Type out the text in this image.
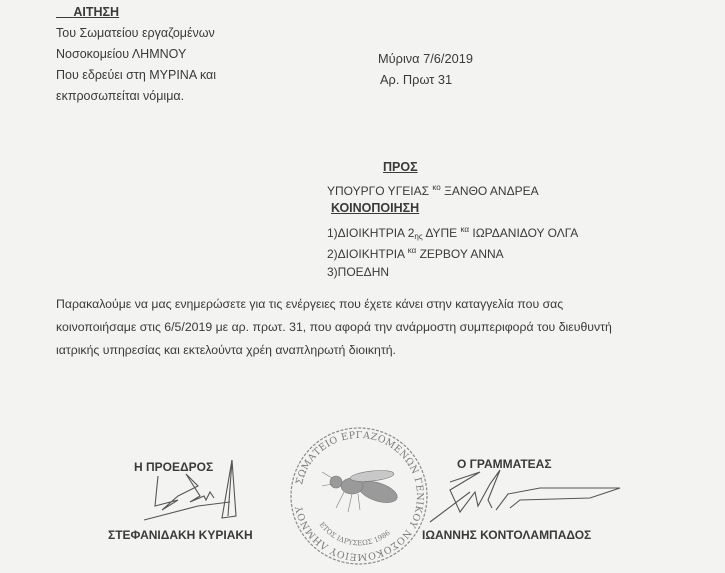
ΑΙΤΗΣΗ
Του Σωματείου εργαζομένων
Νοσοκομείου ΛΗΜΝΟΥ
Που εδρεύει στη ΜΥΡΙΝΑ και
εκπροσωπείται νόμιμα.
Μύρινα 7/6/2019
Αρ. Πρωτ 31
ΠΡΟΣ
ΥΠΟΥΡΓΟ ΥΓΕΙΑΣ $^{\kappa o}$ ΞΑΝΘΟ ΑΝΔΡΕΑ
ΚΟΙΝΟΠΟΙΗΣΗ
1)ΔΙΟΙΚΗΤΡΙΑ $2_{\eta\varsigma}$ ΔΥΠΕ $^{\kappa\alpha}$ ΙΩΡΔΑΝΙΔΟΥ ΟΛΓΑ
2)ΔΙΟΙΚΗΤΡΙΑ $^{\kappa\alpha}$ ΖΕΡΒΟΥ ΑΝΝΑ
3)ΠΟΕΔΗΝ
Παρακαλούμε να μας ενημερώσετε για τις ενέργειες που έχετε κάνει στην καταγγελία που σας
κοινοποιήσαμε στις 6/5/2019 με αρ. πρωτ. 31, που αφορά την ανάρμοστη συμπεριφορά του διευθυντή
ιατρικής υπηρεσίας και εκτελούντα χρέη αναπληρωτή διοικητή.
Η ΠΡΟΕΔΡΟΣ
ΣΤΕΦΑΝΙΔΑΚΗ ΚΥΡΙΑΚΗ
ΣΩΜΑΤΕΙΟ ΕΡΓΑΖΟΜΕΝΩΝ ΓΕΝΙΚΟΥ ΝΟΣΟΚΟΜΕΙΟΥ ΛΗΜΝΟΥ
ΕΤΟΣ ΙΔΡΥΣΕΩΣ 1986
Ο ΓΡΑΜΜΑΤΕΑΣ
ΙΩΑΝΝΗΣ ΚΟΝΤΟΛΑΜΠΑΔΟΣ
